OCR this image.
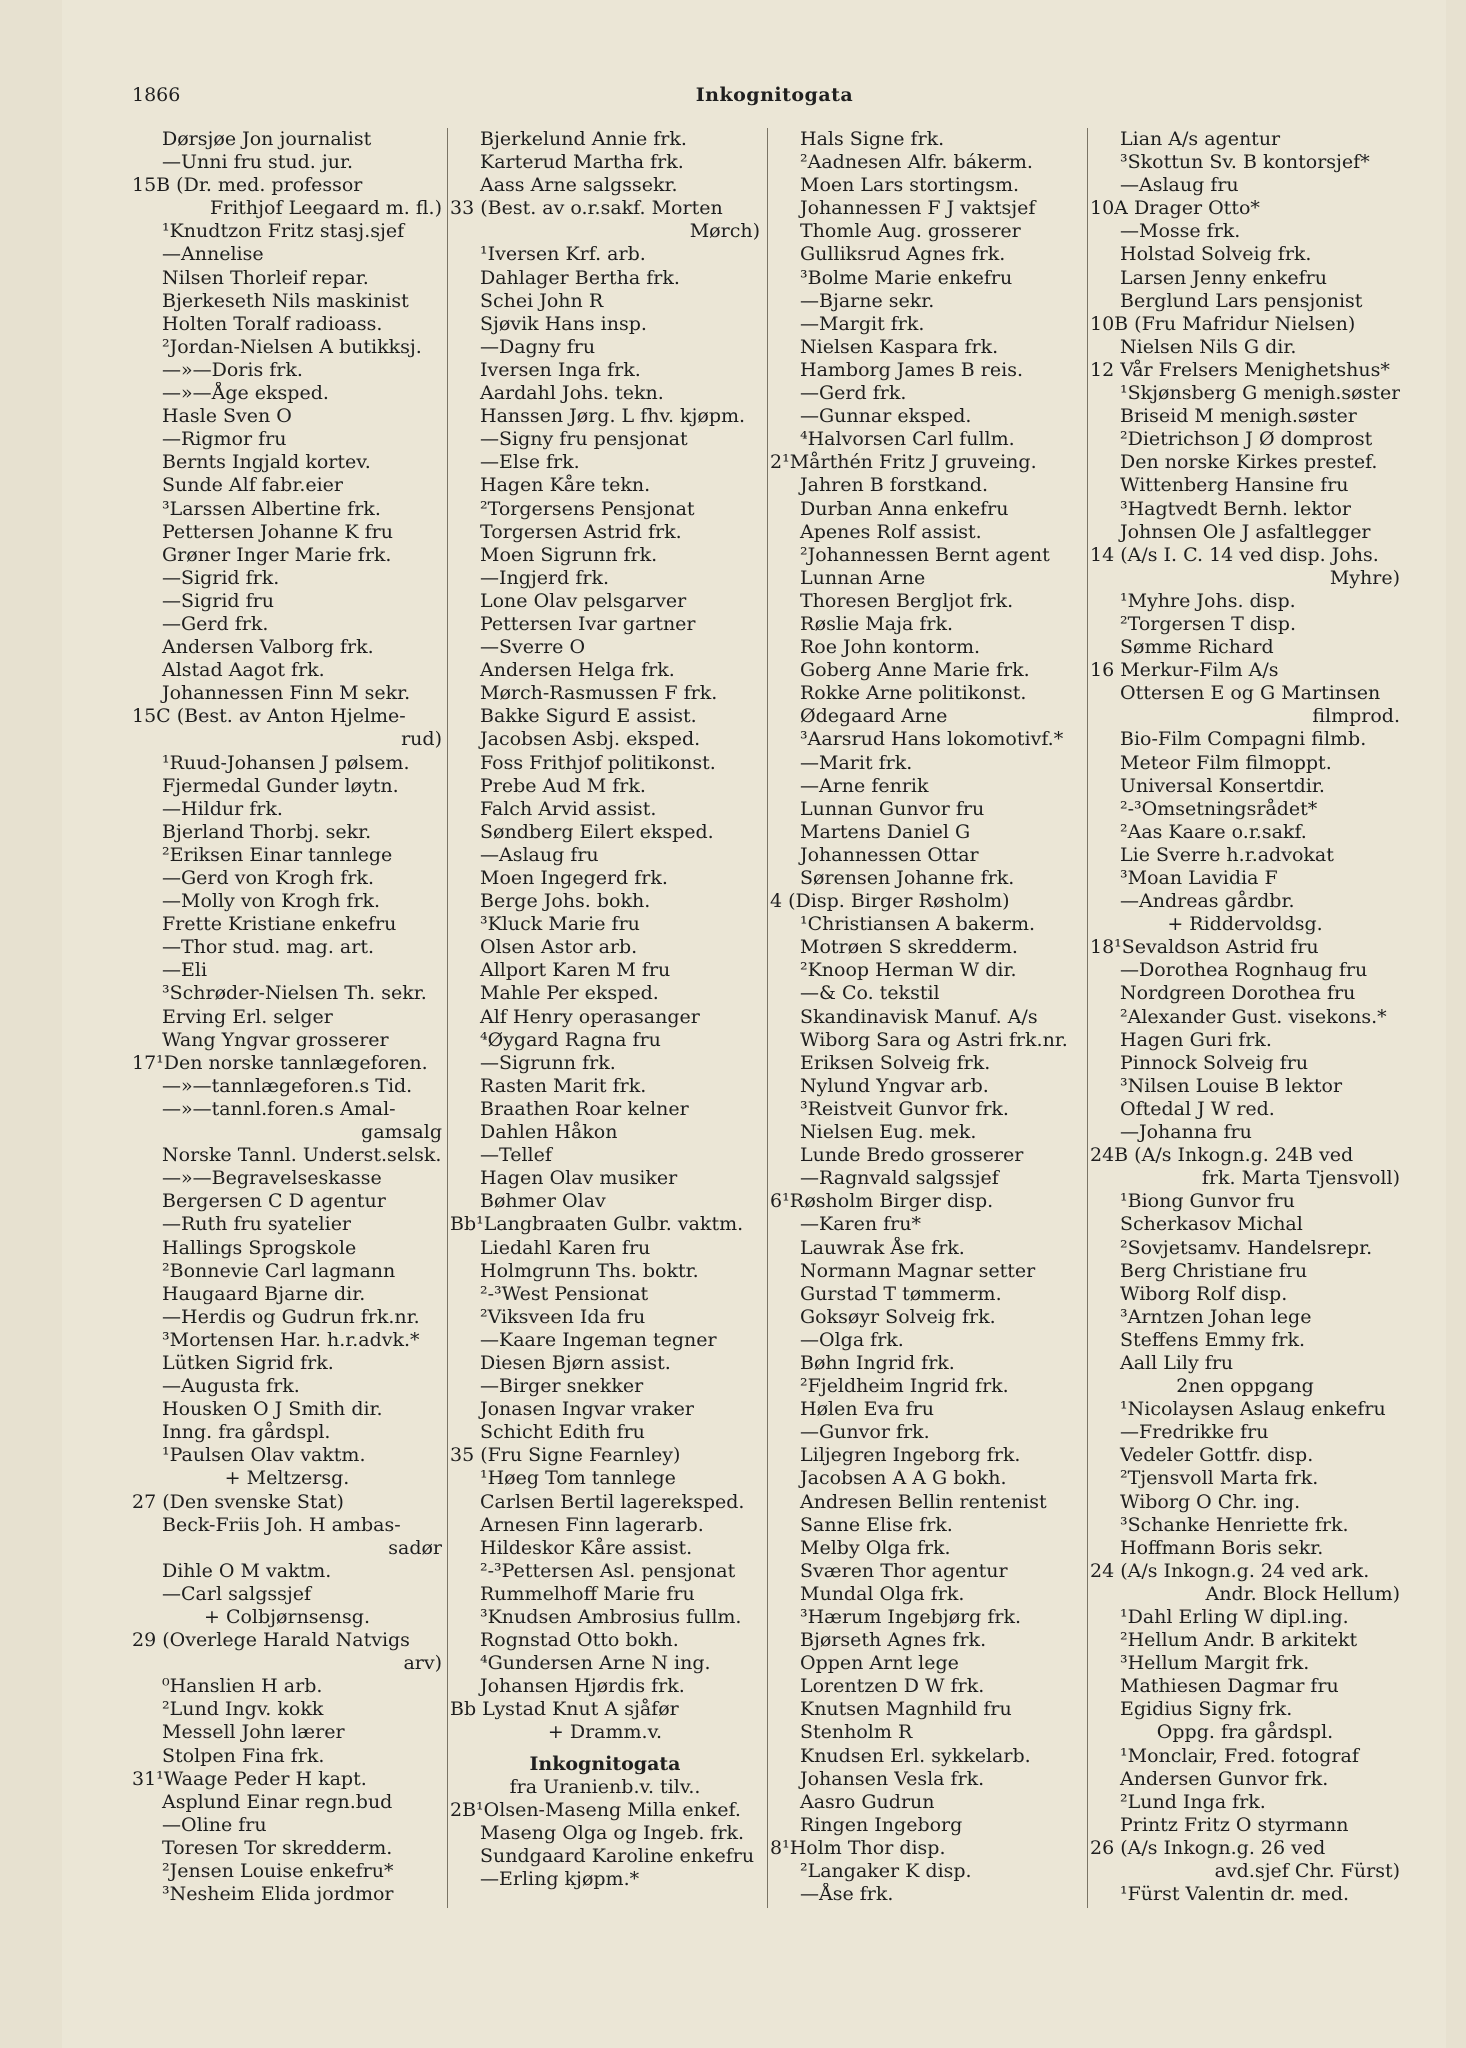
1866	Inkognitogata
Dørsjøe Jon journalist
—Unni fru stud. jur.
15B (Dr. med. professor
Frithjof Leegaard m. fl.)
¹Knudtzon Fritz stasj.sjef
—Annelise
Nilsen Thorleif repar.
Bjerkeseth Nils maskinist
Holten Toralf radioass.
²Jordan-Nielsen A butikksj.
—»—Doris frk.
—»—Åge eksped.
Hasle Sven O
—Rigmor fru
Bernts Ingjald kortev.
Sunde Alf fabr.eier
³Larssen Albertine frk.
Pettersen Johanne K fru
Grøner Inger Marie frk.
—Sigrid frk.
—Sigrid fru
—Gerd frk.
Andersen Valborg frk.
Alstad Aagot frk.
Johannessen Finn M sekr.
15C (Best. av Anton Hjelme-
rud)
¹Ruud-Johansen J pølsem.
Fjermedal Gunder løytn.
—Hildur frk.
Bjerland Thorbj. sekr.
²Eriksen Einar tannlege
—Gerd von Krogh frk.
—Molly von Krogh frk.
Frette Kristiane enkefru
—Thor stud. mag. art.
—Eli
³Schrøder-Nielsen Th. sekr.
Erving Erl. selger
Wang Yngvar grosserer
17¹Den norske tannlægeforen.
—»—tannlægeforen.s Tid.
—»—tannl.foren.s Amal-
gamsalg
Norske Tannl. Underst.selsk.
—»—Begravelseskasse
Bergersen C D agentur
—Ruth fru syatelier
Hallings Sprogskole
²Bonnevie Carl lagmann
Haugaard Bjarne dir.
—Herdis og Gudrun frk.nr.
³Mortensen Har. h.r.advk.*
Lütken Sigrid frk.
—Augusta frk.
Housken O J Smith dir.
Inng. fra gårdspl.
¹Paulsen Olav vaktm.
+ Meltzersg.
27 (Den svenske Stat)
Beck-Friis Joh. H ambas-
sadør
Dihle O M vaktm.
—Carl salgssjef
+ Colbjørnsensg.
29 (Overlege Harald Natvigs
arv)
⁰Hanslien H arb.
²Lund Ingv. kokk
Messell John lærer
Stolpen Fina frk.
31¹Waage Peder H kapt.
Asplund Einar regn.bud
—Oline fru
Toresen Tor skredderm.
²Jensen Louise enkefru*
³Nesheim Elida jordmor
Bjerkelund Annie frk.
Karterud Martha frk.
Aass Arne salgssekr.
33 (Best. av o.r.sakf. Morten
Mørch)
¹Iversen Krf. arb.
Dahlager Bertha frk.
Schei John R
Sjøvik Hans insp.
—Dagny fru
Iversen Inga frk.
Aardahl Johs. tekn.
Hanssen Jørg. L fhv. kjøpm.
—Signy fru pensjonat
—Else frk.
Hagen Kåre tekn.
²Torgersens Pensjonat
Torgersen Astrid frk.
Moen Sigrunn frk.
—Ingjerd frk.
Lone Olav pelsgarver
Pettersen Ivar gartner
—Sverre O
Andersen Helga frk.
Mørch-Rasmussen F frk.
Bakke Sigurd E assist.
Jacobsen Asbj. eksped.
Foss Frithjof politikonst.
Prebe Aud M frk.
Falch Arvid assist.
Søndberg Eilert eksped.
—Aslaug fru
Moen Ingegerd frk.
Berge Johs. bokh.
³Kluck Marie fru
Olsen Astor arb.
Allport Karen M fru
Mahle Per eksped.
Alf Henry operasanger
⁴Øygard Ragna fru
—Sigrunn frk.
Rasten Marit frk.
Braathen Roar kelner
Dahlen Håkon
—Tellef
Hagen Olav musiker
Bøhmer Olav
Bb¹Langbraaten Gulbr. vaktm.
Liedahl Karen fru
Holmgrunn Ths. boktr.
²-³West Pensionat
²Viksveen Ida fru
—Kaare Ingeman tegner
Diesen Bjørn assist.
—Birger snekker
Jonasen Ingvar vraker
Schicht Edith fru
35 (Fru Signe Fearnley)
¹Høeg Tom tannlege
Carlsen Bertil lagereksped.
Arnesen Finn lagerarb.
Hildeskor Kåre assist.
²-³Pettersen Asl. pensjonat
Rummelhoff Marie fru
³Knudsen Ambrosius fullm.
Rognstad Otto bokh.
⁴Gundersen Arne N ing.
Johansen Hjørdis frk.
Bb Lystad Knut A sjåfør
+ Dramm.v.
Inkognitogata
fra Uranienb.v. tilv..
2B¹Olsen-Maseng Milla enkef.
Maseng Olga og Ingeb. frk.
Sundgaard Karoline enkefru
—Erling kjøpm.*
Hals Signe frk.
²Aadnesen Alfr. bákerm.
Moen Lars stortingsm.
Johannessen F J vaktsjef
Thomle Aug. grosserer
Gulliksrud Agnes frk.
³Bolme Marie enkefru
—Bjarne sekr.
—Margit frk.
Nielsen Kaspara frk.
Hamborg James B reis.
—Gerd frk.
—Gunnar eksped.
⁴Halvorsen Carl fullm.
2¹Mårthén Fritz J gruveing.
Jahren B forstkand.
Durban Anna enkefru
Apenes Rolf assist.
²Johannessen Bernt agent
Lunnan Arne
Thoresen Bergljot frk.
Røslie Maja frk.
Roe John kontorm.
Goberg Anne Marie frk.
Rokke Arne politikonst.
Ødegaard Arne
³Aarsrud Hans lokomotivf.*
—Marit frk.
—Arne fenrik
Lunnan Gunvor fru
Martens Daniel G
Johannessen Ottar
Sørensen Johanne frk.
4 (Disp. Birger Røsholm)
¹Christiansen A bakerm.
Motrøen S skredderm.
²Knoop Herman W dir.
—& Co. tekstil
Skandinavisk Manuf. A/s
Wiborg Sara og Astri frk.nr.
Eriksen Solveig frk.
Nylund Yngvar arb.
³Reistveit Gunvor frk.
Nielsen Eug. mek.
Lunde Bredo grosserer
—Ragnvald salgssjef
6¹Røsholm Birger disp.
—Karen fru*
Lauwrak Åse frk.
Normann Magnar setter
Gurstad T tømmerm.
Goksøyr Solveig frk.
—Olga frk.
Bøhn Ingrid frk.
²Fjeldheim Ingrid frk.
Hølen Eva fru
—Gunvor frk.
Liljegren Ingeborg frk.
Jacobsen A A G bokh.
Andresen Bellin rentenist
Sanne Elise frk.
Melby Olga frk.
Sværen Thor agentur
Mundal Olga frk.
³Hærum Ingebjørg frk.
Bjørseth Agnes frk.
Oppen Arnt lege
Lorentzen D W frk.
Knutsen Magnhild fru
Stenholm R
Knudsen Erl. sykkelarb.
Johansen Vesla frk.
Aasro Gudrun
Ringen Ingeborg
8¹Holm Thor disp.
²Langaker K disp.
—Åse frk.
Lian A/s agentur
³Skottun Sv. B kontorsjef*
—Aslaug fru
10A Drager Otto*
—Mosse frk.
Holstad Solveig frk.
Larsen Jenny enkefru
Berglund Lars pensjonist
10B (Fru Mafridur Nielsen)
Nielsen Nils G dir.
12 Vår Frelsers Menighetshus*
¹Skjønsberg G menigh.søster
Briseid M menigh.søster
²Dietrichson J Ø domprost
Den norske Kirkes prestef.
Wittenberg Hansine fru
³Hagtvedt Bernh. lektor
Johnsen Ole J asfaltlegger
14 (A/s I. C. 14 ved disp. Johs.
Myhre)
¹Myhre Johs. disp.
²Torgersen T disp.
Sømme Richard
16 Merkur-Film A/s
Ottersen E og G Martinsen
filmprod.
Bio-Film Compagni filmb.
Meteor Film filmoppt.
Universal Konsertdir.
²-³Omsetningsrådet*
²Aas Kaare o.r.sakf.
Lie Sverre h.r.advokat
³Moan Lavidia F
—Andreas gårdbr.
+ Riddervoldsg.
18¹Sevaldson Astrid fru
—Dorothea Rognhaug fru
Nordgreen Dorothea fru
²Alexander Gust. visekons.*
Hagen Guri frk.
Pinnock Solveig fru
³Nilsen Louise B lektor
Oftedal J W red.
—Johanna fru
24B (A/s Inkogn.g. 24B ved
frk. Marta Tjensvoll)
¹Biong Gunvor fru
Scherkasov Michal
²Sovjetsamv. Handelsrepr.
Berg Christiane fru
Wiborg Rolf disp.
³Arntzen Johan lege
Steffens Emmy frk.
Aall Lily fru
2nen oppgang
¹Nicolaysen Aslaug enkefru
—Fredrikke fru
Vedeler Gottfr. disp.
²Tjensvoll Marta frk.
Wiborg O Chr. ing.
³Schanke Henriette frk.
Hoffmann Boris sekr.
24 (A/s Inkogn.g. 24 ved ark.
Andr. Block Hellum)
¹Dahl Erling W dipl.ing.
²Hellum Andr. B arkitekt
³Hellum Margit frk.
Mathiesen Dagmar fru
Egidius Signy frk.
Oppg. fra gårdspl.
¹Monclair, Fred. fotograf
Andersen Gunvor frk.
²Lund Inga frk.
Printz Fritz O styrmann
26 (A/s Inkogn.g. 26 ved
avd.sjef Chr. Fürst)
¹Fürst Valentin dr. med.
